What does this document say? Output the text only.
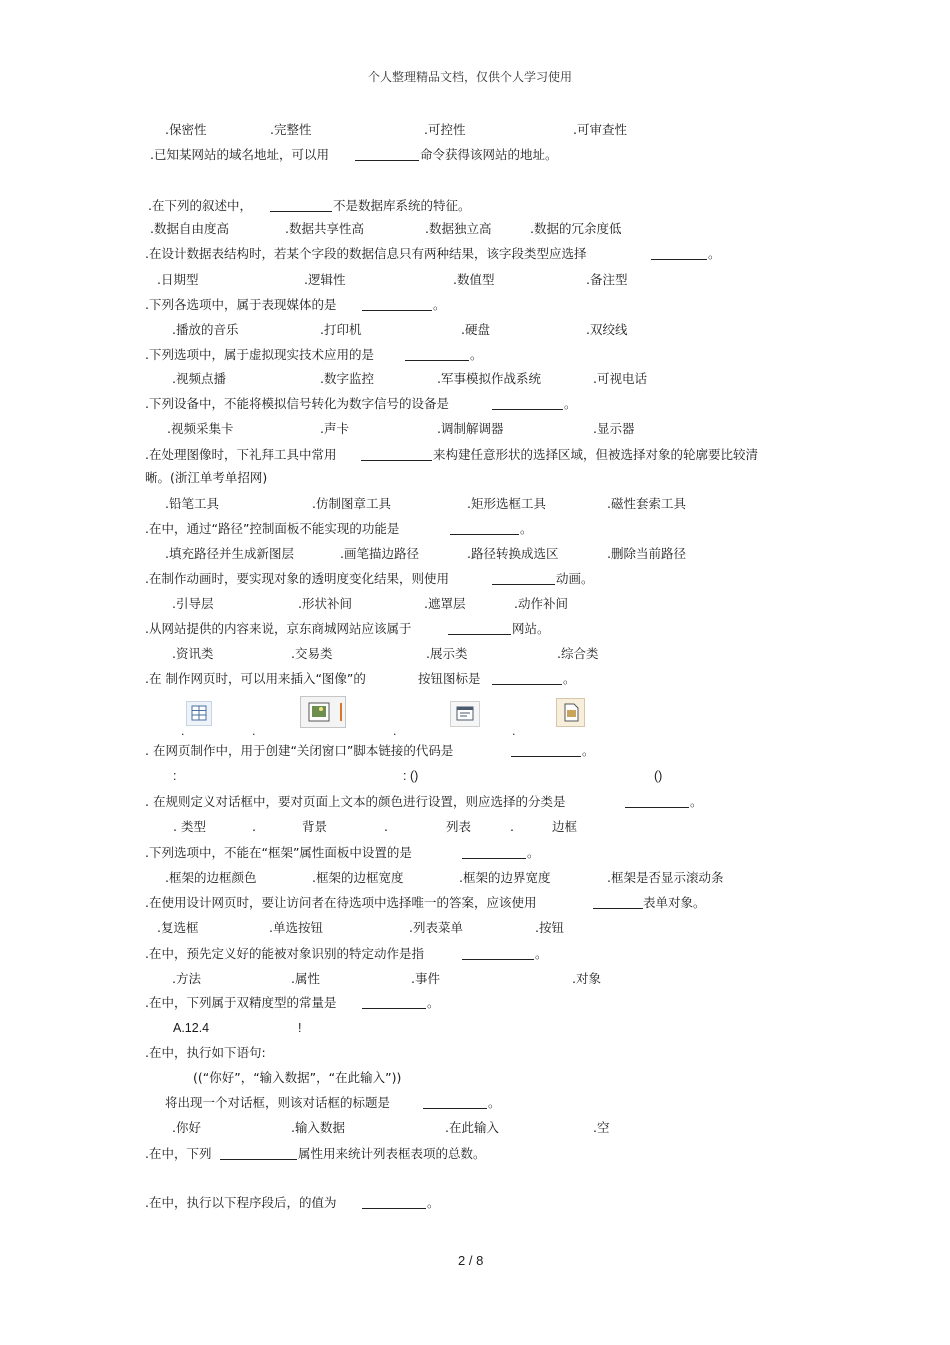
个人整理精品文档，仅供个人学习使用
.保密性	.完整性	.可控性	.可审查性
.已知某网站的域名地址，可以用	命令获得该网站的地址。
.在下列的叙述中，	不是数据库系统的特征。
.数据自由度高	.数据共享性高	.数据独立高	.数据的冗余度低
.在设计数据表结构时，若某个字段的数据信息只有两种结果，该字段类型应选择	。
.日期型	.逻辑性	.数值型	.备注型
.下列各选项中，属于表现媒体的是	。
.播放的音乐	.打印机	.硬盘	.双绞线
.下列选项中，属于虚拟现实技术应用的是	。
.视频点播	.数字监控	.军事模拟作战系统	.可视电话
.下列设备中，不能将模拟信号转化为数字信号的设备是	。
.视频采集卡	.声卡	.调制解调器	.显示器
.在处理图像时，下礼拜工具中常用	来构建任意形状的选择区域，但被选择对象的轮廓要比较清
晰。(浙江单考单招网)
.铅笔工具	.仿制图章工具	.矩形选框工具	.磁性套索工具
.在中，通过“路径”控制面板不能实现的功能是	。
.填充路径并生成新图层	.画笔描边路径	.路径转换成选区	.删除当前路径
.在制作动画时，要实现对象的透明度变化结果，则使用	动画。
.引导层	.形状补间	.遮罩层	.动作补间
.从网站提供的内容来说，京东商城网站应该属于	网站。
.资讯类	.交易类	.展示类	.综合类
.在 制作网页时，可以用来插入“图像”的	按钮图标是	。
.	.	.	.
. 在网页制作中，用于创建“关闭窗口”脚本链接的代码是	。
:	: ()	()
. 在规则定义对话框中，要对页面上文本的颜色进行设置，则应选择的分类是	。
. 类型	.	背景	.	列表	.	边框
.下列选项中，不能在“框架”属性面板中设置的是	。
.框架的边框颜色	.框架的边框宽度	.框架的边界宽度	.框架是否显示滚动条
.在使用设计网页时，要让访问者在待选项中选择唯一的答案，应该使用	表单对象。
.复选框	.单选按钮	.列表菜单	.按钮
.在中，预先定义好的能被对象识别的特定动作是指	。
.方法	.属性	.事件	.对象
.在中，下列属于双精度型的常量是	。
A.12.4	!
.在中，执行如下语句:
((“你好”，“输入数据”，“在此输入”))
将出现一个对话框，则该对话框的标题是	。
.你好	.输入数据	.在此输入	.空
.在中，下列	属性用来统计列表框表项的总数。
.在中，执行以下程序段后，的值为	。
2 / 8
